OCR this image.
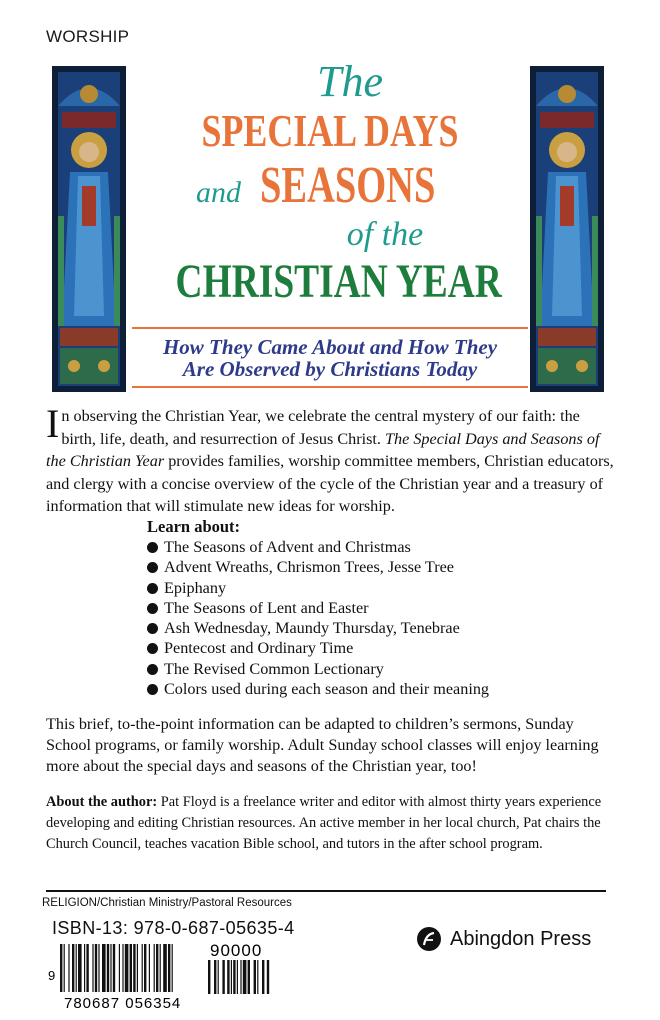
WORSHIP
The
SPECIAL DAYS
and SEASONS
of the
CHRISTIAN YEAR
How They Came About and How They
Are Observed by Christians Today
In observing the Christian Year, we celebrate the central mystery of our faith: the birth, life, death, and resurrection of Jesus Christ. The Special Days and Seasons of the Christian Year provides families, worship committee members, Christian educators, and clergy with a concise overview of the cycle of the Christian year and a treasury of information that will stimulate new ideas for worship.
Learn about:
The Seasons of Advent and Christmas
Advent Wreaths, Chrismon Trees, Jesse Tree
Epiphany
The Seasons of Lent and Easter
Ash Wednesday, Maundy Thursday, Tenebrae
Pentecost and Ordinary Time
The Revised Common Lectionary
Colors used during each season and their meaning
This brief, to-the-point information can be adapted to children’s sermons, Sunday School programs, or family worship. Adult Sunday school classes will enjoy learning more about the special days and seasons of the Christian year, too!
About the author: Pat Floyd is a freelance writer and editor with almost thirty years experience developing and editing Christian resources. An active member in her local church, Pat chairs the Church Council, teaches vacation Bible school, and tutors in the after school program.
RELIGION/Christian Ministry/Pastoral Resources
ISBN-13: 978-0-687-05635-4
9
780687 056354
90000
Abingdon Press
